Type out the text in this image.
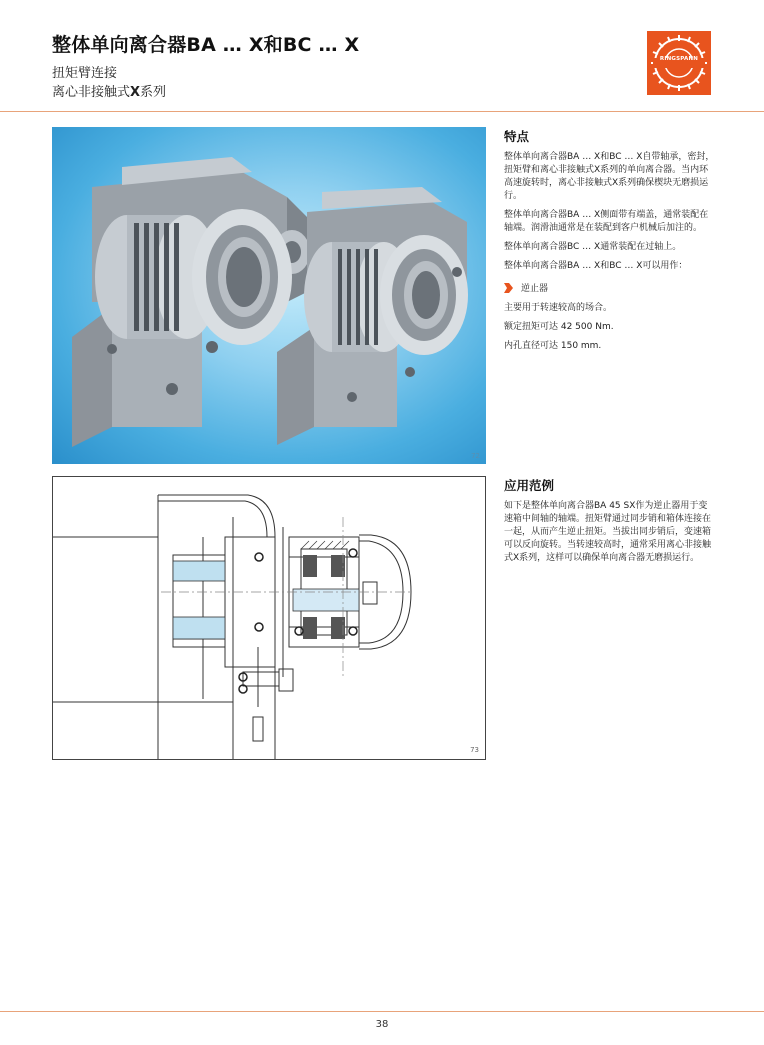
整体单向离合器BA … X和BC … X
扭矩臂连接
离心非接触式X系列
RINGSPANN
72
73
特点

整体单向离合器BA … X和BC … X自带轴承，密封，扭矩臂和离心非接触式X系列的单向离合器。当内环高速旋转时，离心非接触式X系列确保楔块无磨损运行。

整体单向离合器BA … X侧面带有端盖，通常装配在轴端。润滑油通常是在装配到客户机械后加注的。

整体单向离合器BC … X通常装配在过轴上。

整体单向离合器BA … X和BC … X可以用作：

逆止器

主要用于转速较高的场合。

额定扭矩可达 42 500 Nm.

内孔直径可达 150 mm.

应用范例

如下是整体单向离合器BA 45 SX作为逆止器用于变速箱中间轴的轴端。扭矩臂通过同步销和箱体连接在一起，从而产生逆止扭矩。当拔出同步销后，变速箱可以反向旋转。当转速较高时，通常采用离心非接触式X系列，这样可以确保单向离合器无磨损运行。

38
